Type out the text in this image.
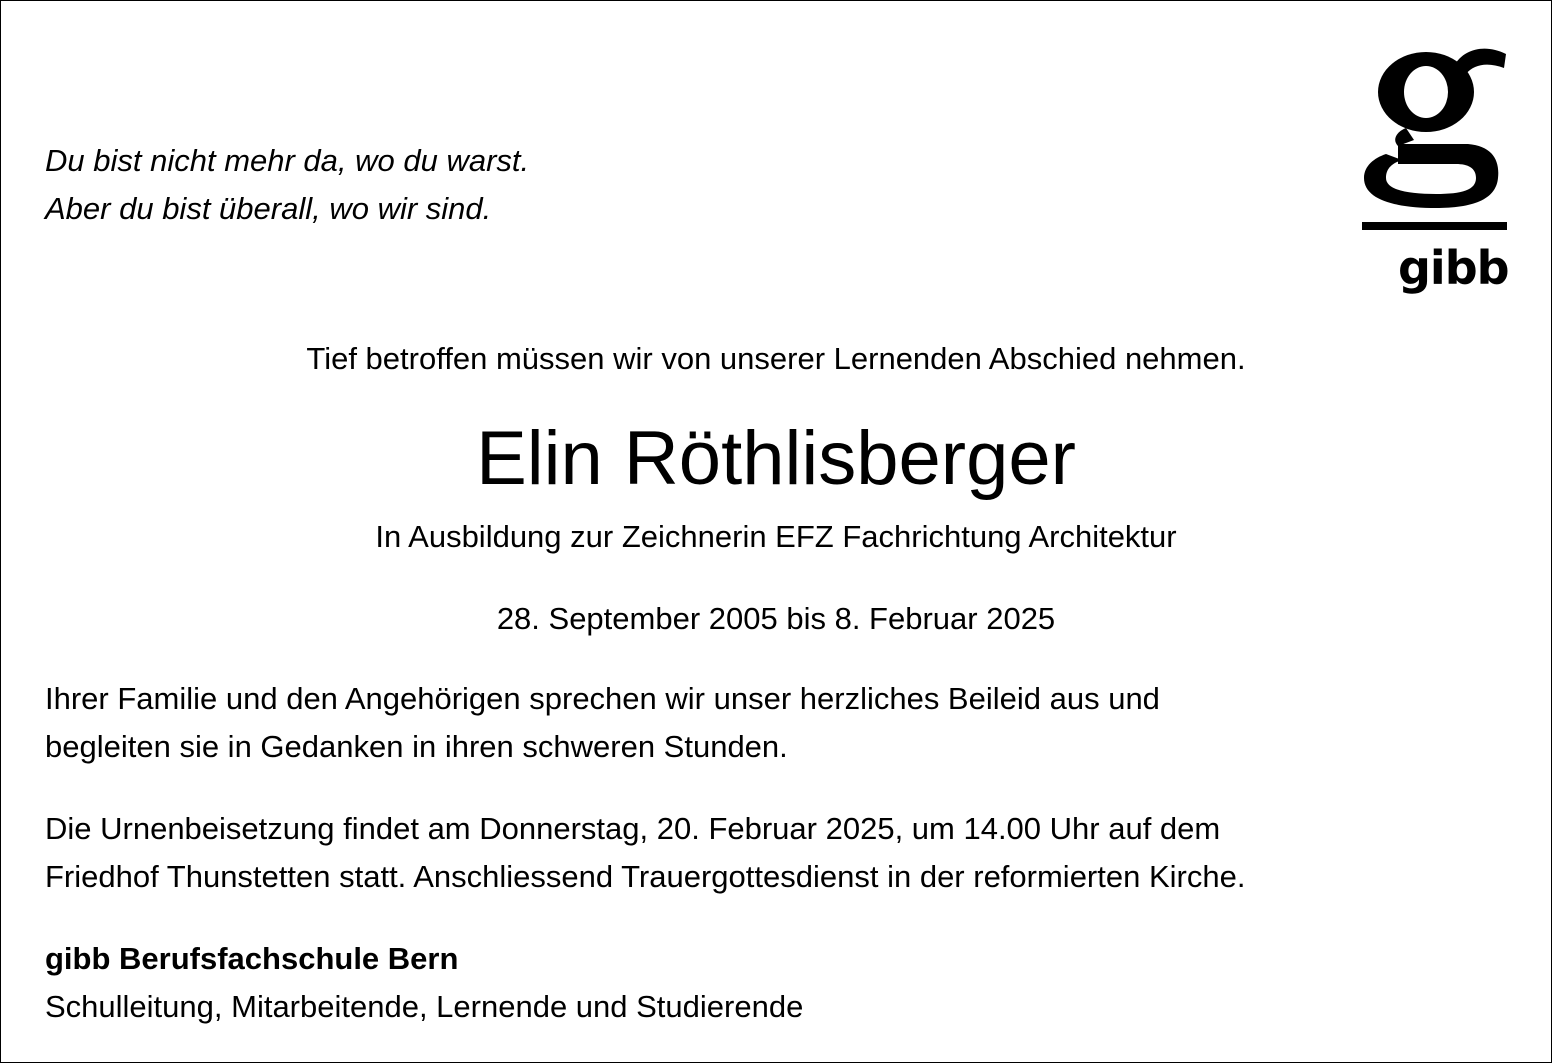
Du bist nicht mehr da, wo du warst.
Aber du bist überall, wo wir sind.
gibb
Tief betroffen müssen wir von unserer Lernenden Abschied nehmen.
Elin Röthlisberger
In Ausbildung zur Zeichnerin EFZ Fachrichtung Architektur
28. September 2005 bis 8. Februar 2025
Ihrer Familie und den Angehörigen sprechen wir unser herzliches Beileid aus und
begleiten sie in Gedanken in ihren schweren Stunden.
Die Urnenbeisetzung findet am Donnerstag, 20. Februar 2025, um 14.00 Uhr auf dem
Friedhof Thunstetten statt. Anschliessend Trauergottesdienst in der reformierten Kirche.
gibb Berufsfachschule Bern
Schulleitung, Mitarbeitende, Lernende und Studierende
